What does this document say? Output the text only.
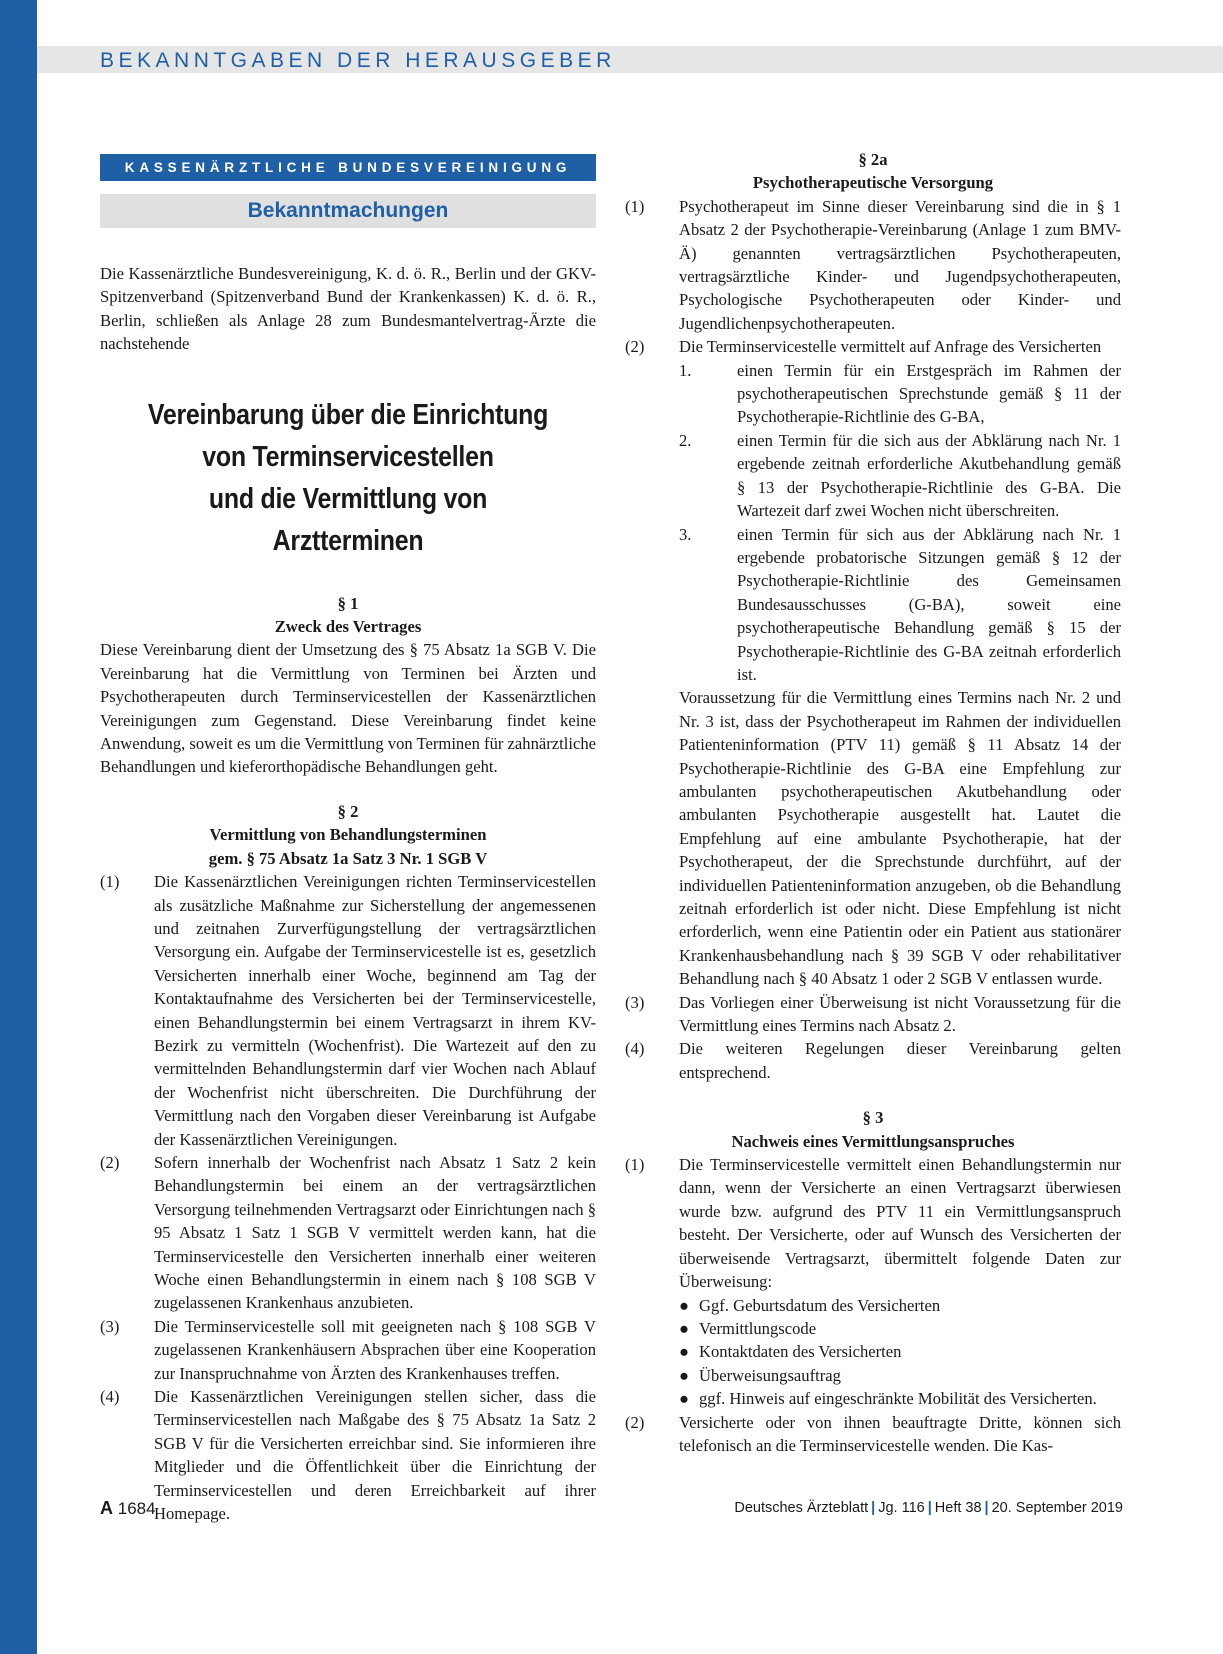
BEKANNTGABEN DER HERAUSGEBER
KASSENÄRZTLICHE BUNDESVEREINIGUNG
Bekanntmachungen
Die Kassenärztliche Bundesvereinigung, K. d. ö. R., Berlin und der GKV-Spitzenverband (Spitzenverband Bund der Krankenkassen) K. d. ö. R., Berlin, schließen als Anlage 28 zum Bundesmantelvertrag-Ärzte die nachstehende
Vereinbarung über die Einrichtung
von Terminservicestellen
und die Vermittlung von Arztterminen
§ 1
Zweck des Vertrages
Diese Vereinbarung dient der Umsetzung des § 75 Absatz 1a SGB V. Die Vereinbarung hat die Vermittlung von Terminen bei Ärzten und Psychotherapeuten durch Terminservicestellen der Kassenärztlichen Vereinigungen zum Gegenstand. Diese Vereinbarung findet keine Anwendung, soweit es um die Vermittlung von Terminen für zahnärztliche Behandlungen und kieferorthopädische Behandlungen geht.
§ 2
Vermittlung von Behandlungsterminen
gem. § 75 Absatz 1a Satz 3 Nr. 1 SGB V
(1)	Die Kassenärztlichen Vereinigungen richten Terminservicestellen als zusätzliche Maßnahme zur Sicherstellung der angemessenen und zeitnahen Zurverfügungstellung der vertragsärztlichen Versorgung ein. Aufgabe der Terminservicestelle ist es, gesetzlich Versicherten innerhalb einer Woche, beginnend am Tag der Kontaktaufnahme des Versicherten bei der Terminservicestelle, einen Behandlungstermin bei einem Vertragsarzt in ihrem KV-Bezirk zu vermitteln (Wochenfrist). Die Wartezeit auf den zu vermittelnden Behandlungstermin darf vier Wochen nach Ablauf der Wochenfrist nicht überschreiten. Die Durchführung der Vermittlung nach den Vorgaben dieser Vereinbarung ist Aufgabe der Kassenärztlichen Vereinigungen.
(2)	Sofern innerhalb der Wochenfrist nach Absatz 1 Satz 2 kein Behandlungstermin bei einem an der vertragsärztlichen Versorgung teilnehmenden Vertragsarzt oder Einrichtungen nach § 95 Absatz 1 Satz 1 SGB V vermittelt werden kann, hat die Terminservicestelle den Versicherten innerhalb einer weiteren Woche einen Behandlungstermin in einem nach § 108 SGB V zugelassenen Krankenhaus anzubieten.
(3)	Die Terminservicestelle soll mit geeigneten nach § 108 SGB V zugelassenen Krankenhäusern Absprachen über eine Kooperation zur Inanspruchnahme von Ärzten des Krankenhauses treffen.
(4)	Die Kassenärztlichen Vereinigungen stellen sicher, dass die Terminservicestellen nach Maßgabe des § 75 Absatz 1a Satz 2 SGB V für die Versicherten erreichbar sind. Sie informieren ihre Mitglieder und die Öffentlichkeit über die Einrichtung der Terminservicestellen und deren Erreichbarkeit auf ihrer Homepage.
§ 2a
Psychotherapeutische Versorgung
(1)	Psychotherapeut im Sinne dieser Vereinbarung sind die in § 1 Absatz 2 der Psychotherapie-Vereinbarung (Anlage 1 zum BMV-Ä) genannten vertragsärztlichen Psychotherapeuten, vertragsärztliche Kinder- und Jugendpsychotherapeuten, Psychologische Psychotherapeuten oder Kinder- und Jugendlichenpsychotherapeuten.
(2)	Die Terminservicestelle vermittelt auf Anfrage des Versicherten
1.	einen Termin für ein Erstgespräch im Rahmen der psychotherapeutischen Sprechstunde gemäß § 11 der Psychotherapie-Richtlinie des G-BA,
2.	einen Termin für die sich aus der Abklärung nach Nr. 1 ergebende zeitnah erforderliche Akutbehandlung gemäß § 13 der Psychotherapie-Richtlinie des G-BA. Die Wartezeit darf zwei Wochen nicht überschreiten.
3.	einen Termin für sich aus der Abklärung nach Nr. 1 ergebende probatorische Sitzungen gemäß § 12 der Psychotherapie-Richtlinie des Gemeinsamen Bundesausschusses (G-BA), soweit eine psychotherapeutische Behandlung gemäß § 15 der Psychotherapie-Richtlinie des G-BA zeitnah erforderlich ist.
Voraussetzung für die Vermittlung eines Termins nach Nr. 2 und Nr. 3 ist, dass der Psychotherapeut im Rahmen der individuellen Patienteninformation (PTV 11) gemäß § 11 Absatz 14 der Psychotherapie-Richtlinie des G-BA eine Empfehlung zur ambulanten psychotherapeutischen Akutbehandlung oder ambulanten Psychotherapie ausgestellt hat. Lautet die Empfehlung auf eine ambulante Psychotherapie, hat der Psychotherapeut, der die Sprechstunde durchführt, auf der individuellen Patienteninformation anzugeben, ob die Behandlung zeitnah erforderlich ist oder nicht. Diese Empfehlung ist nicht erforderlich, wenn eine Patientin oder ein Patient aus stationärer Krankenhausbehandlung nach § 39 SGB V oder rehabilitativer Behandlung nach § 40 Absatz 1 oder 2 SGB V entlassen wurde.
(3)	Das Vorliegen einer Überweisung ist nicht Voraussetzung für die Vermittlung eines Termins nach Absatz 2.
(4)	Die weiteren Regelungen dieser Vereinbarung gelten entsprechend.
§ 3
Nachweis eines Vermittlungsanspruches
(1)	Die Terminservicestelle vermittelt einen Behandlungstermin nur dann, wenn der Versicherte an einen Vertragsarzt überwiesen wurde bzw. aufgrund des PTV 11 ein Vermittlungsanspruch besteht. Der Versicherte, oder auf Wunsch des Versicherten der überweisende Vertragsarzt, übermittelt folgende Daten zur Überweisung:
● Ggf. Geburtsdatum des Versicherten
● Vermittlungscode
● Kontaktdaten des Versicherten
● Überweisungsauftrag
● ggf. Hinweis auf eingeschränkte Mobilität des Versicherten.
(2)	Versicherte oder von ihnen beauftragte Dritte, können sich telefonisch an die Terminservicestelle wenden. Die Kas-
A 1684	Deutsches Ärzteblatt | Jg. 116 | Heft 38 | 20. September 2019
